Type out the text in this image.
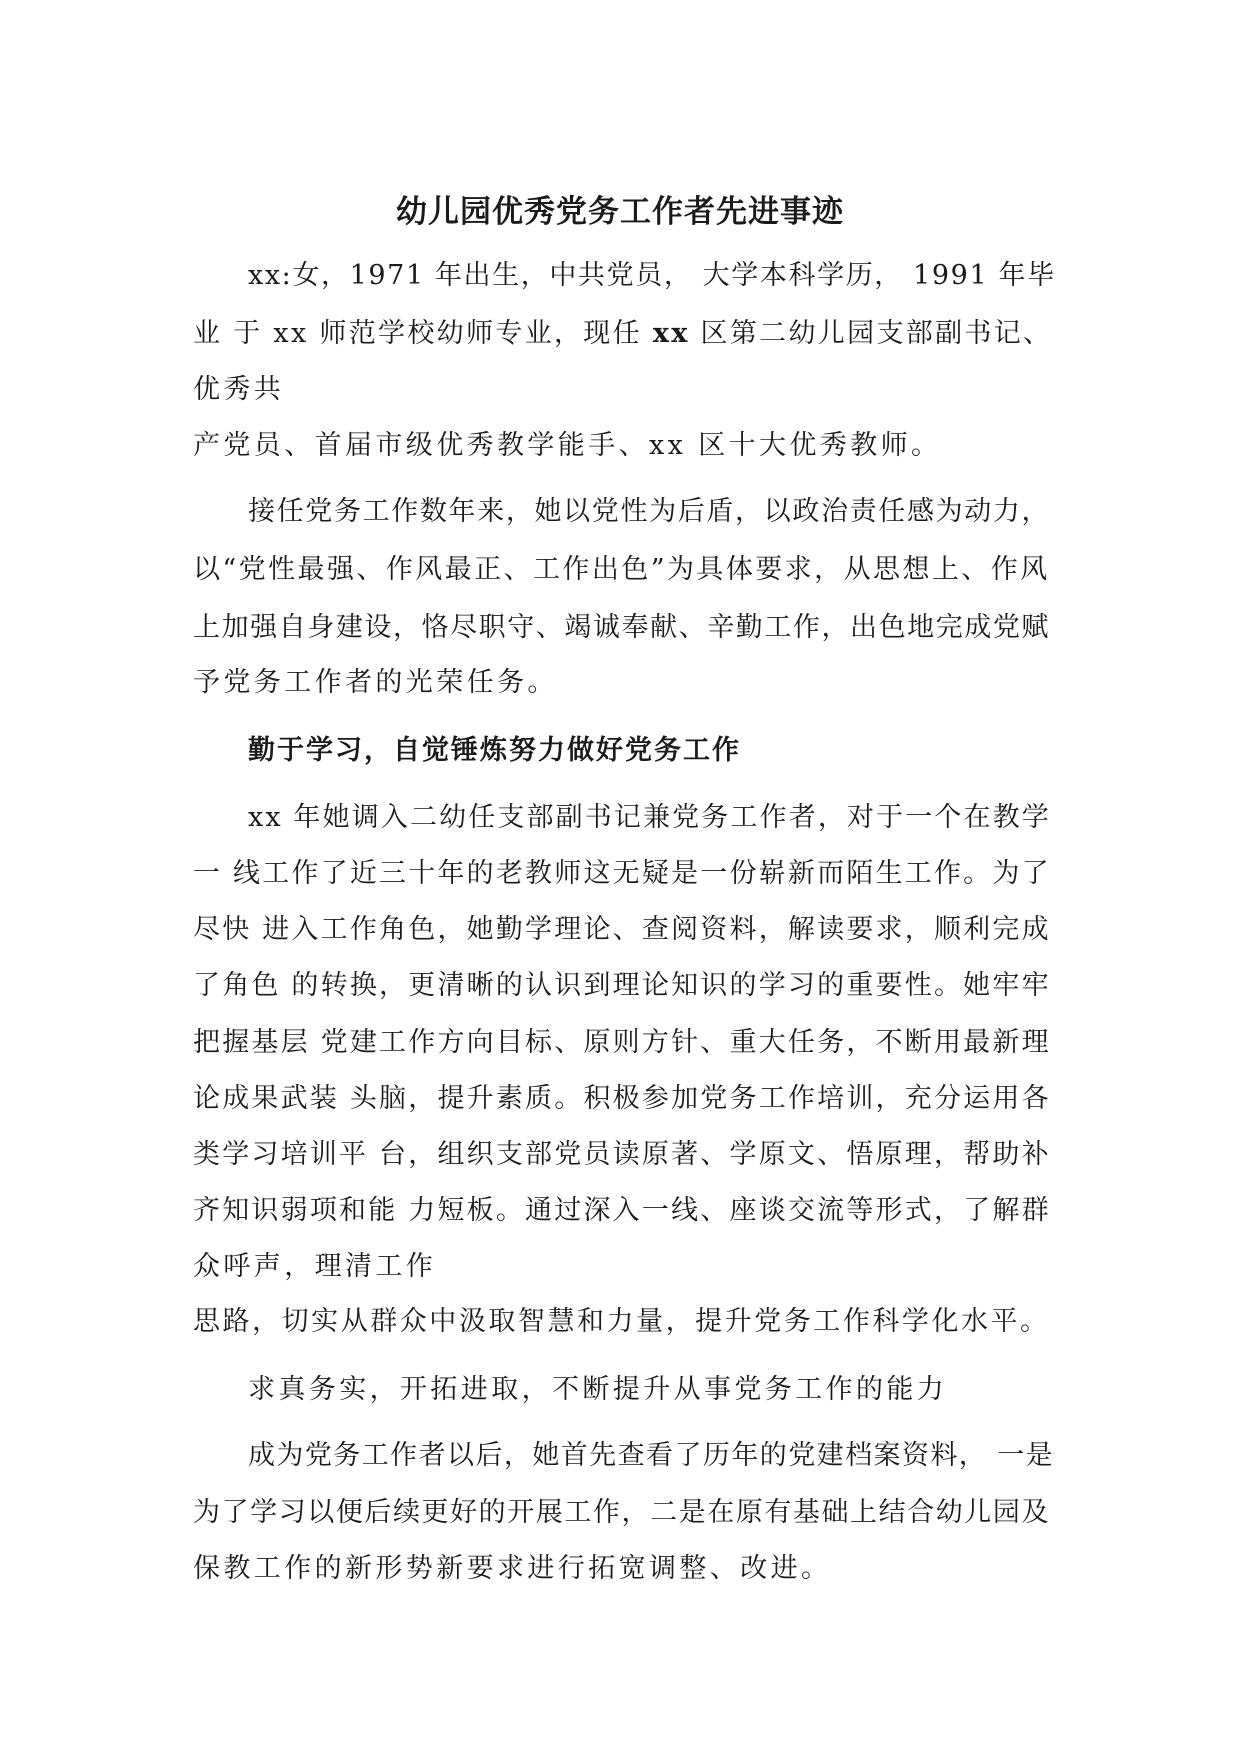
幼儿园优秀党务工作者先进事迹
xx:女，1971 年出生，中共党员， 大学本科学历， 1991 年毕
业 于 xx 师范学校幼师专业，现任 xx 区第二幼儿园支部副书记、
优秀共
产党员、首届市级优秀教学能手、xx 区十大优秀教师。
接任党务工作数年来，她以党性为后盾，以政治责任感为动力，
以“党性最强、作风最正、工作出色”为具体要求，从思想上、作风
上加强自身建设，恪尽职守、竭诚奉献、辛勤工作，出色地完成党赋
予党务工作者的光荣任务。
勤于学习，自觉锤炼努力做好党务工作
xx 年她调入二幼任支部副书记兼党务工作者，对于一个在教学
一 线工作了近三十年的老教师这无疑是一份崭新而陌生工作。为了
尽快 进入工作角色，她勤学理论、查阅资料，解读要求，顺利完成
了角色 的转换，更清晰的认识到理论知识的学习的重要性。她牢牢
把握基层 党建工作方向目标、原则方针、重大任务，不断用最新理
论成果武装 头脑，提升素质。积极参加党务工作培训，充分运用各
类学习培训平 台，组织支部党员读原著、学原文、悟原理，帮助补
齐知识弱项和能 力短板。通过深入一线、座谈交流等形式，了解群
众呼声，理清工作
思路，切实从群众中汲取智慧和力量，提升党务工作科学化水平。
求真务实，开拓进取，不断提升从事党务工作的能力
成为党务工作者以后，她首先查看了历年的党建档案资料， 一是
为了学习以便后续更好的开展工作，二是在原有基础上结合幼儿园及
保教工作的新形势新要求进行拓宽调整、改进。
